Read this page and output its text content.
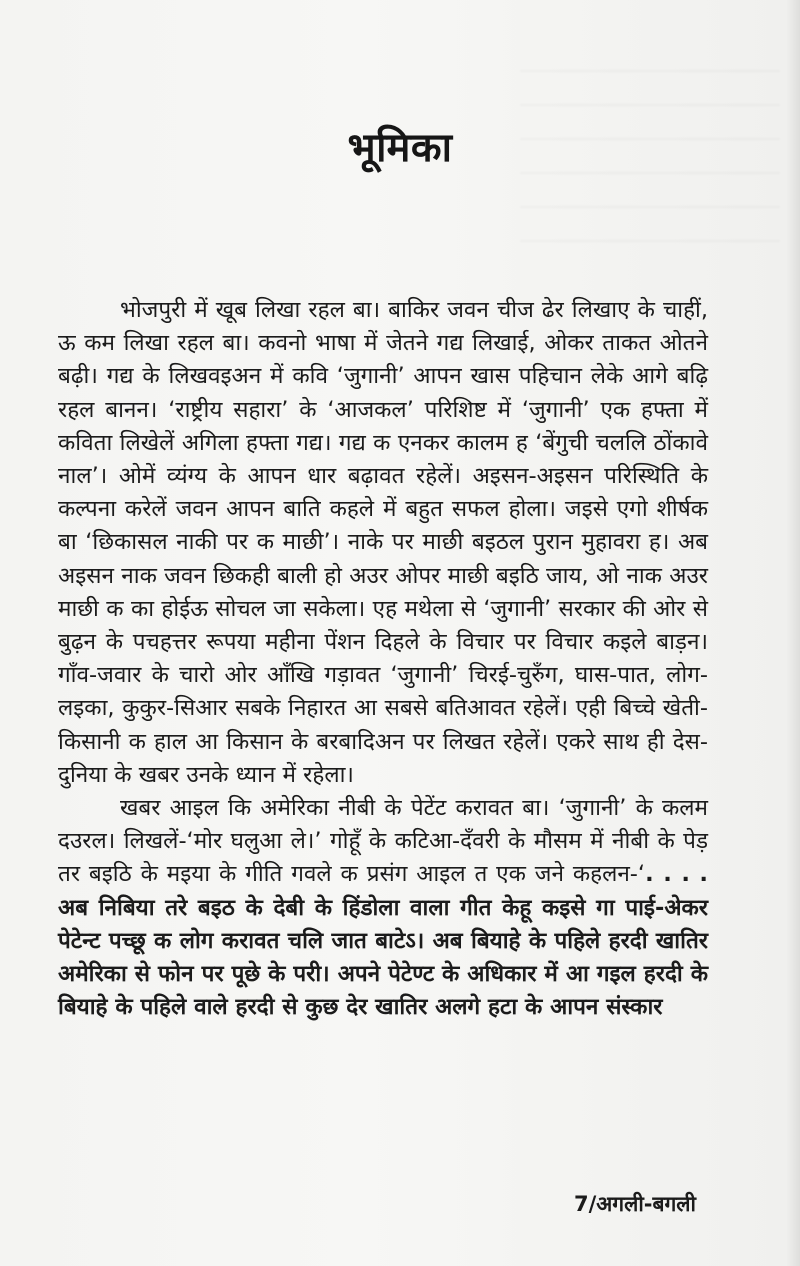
भूमिका

भोजपुरी में खूब लिखा रहल बा। बाकिर जवन चीज ढेर लिखाए के चाहीं, ऊ कम लिखा रहल बा। कवनो भाषा में जेतने गद्य लिखाई, ओकर ताकत ओतने बढ़ी। गद्य के लिखवइअन में कवि ‘जुगानी’ आपन खास पहिचान लेके आगे बढ़ि रहल बानन। ‘राष्ट्रीय सहारा’ के ‘आजकल’ परिशिष्ट में ‘जुगानी’ एक हफ्ता में कविता लिखेलें अगिला हफ्ता गद्य। गद्य क एनकर कालम ह ‘बेंगुची चललि ठोंकावे नाल’। ओमें व्यंग्य के आपन धार बढ़ावत रहेलें। अइसन-अइसन परिस्थिति के कल्पना करेलें जवन आपन बाति कहले में बहुत सफल होला। जइसे एगो शीर्षक बा ‘छिकासल नाकी पर क माछी’। नाके पर माछी बइठल पुरान मुहावरा ह। अब अइसन नाक जवन छिकही बाली हो अउर ओपर माछी बइठि जाय, ओ नाक अउर माछी क का होईऊ सोचल जा सकेला। एह मथेला से ‘जुगानी’ सरकार की ओर से बुढ़न के पचहत्तर रूपया महीना पेंशन दिहले के विचार पर विचार कइले बाड़न। गाँव-जवार के चारो ओर आँखि गड़ावत ‘जुगानी’ चिरई-चुरुँग, घास-पात, लोग-लइका, कुकुर-सिआर सबके निहारत आ सबसे बतिआवत रहेलें। एही बिच्चे खेती-किसानी क हाल आ किसान के बरबादिअन पर लिखत रहेलें। एकरे साथ ही देस-दुनिया के खबर उनके ध्यान में रहेला।

खबर आइल कि अमेरिका नीबी के पेटेंट करावत बा। ‘जुगानी’ के कलम दउरल। लिखलें-‘मोर घलुआ ले।’ गोहूँ के कटिआ-दँवरी के मौसम में नीबी के पेड़ तर बइठि के मइया के गीति गवले क प्रसंग आइल त एक जने कहलन-‘. . . . अब निबिया तरे बइठ के देबी के हिंडोला वाला गीत केहू कइसे गा पाई-अेकर पेटेन्ट पच्छू क लोग करावत चलि जात बाटेऽ। अब बियाहे के पहिले हरदी खातिर अमेरिका से फोन पर पूछे के परी। अपने पेटेण्ट के अधिकार में आ गइल हरदी के बियाहे के पहिले वाले हरदी से कुछ देर खातिर अलगे हटा के आपन संस्कार

7/अगली-बगली
